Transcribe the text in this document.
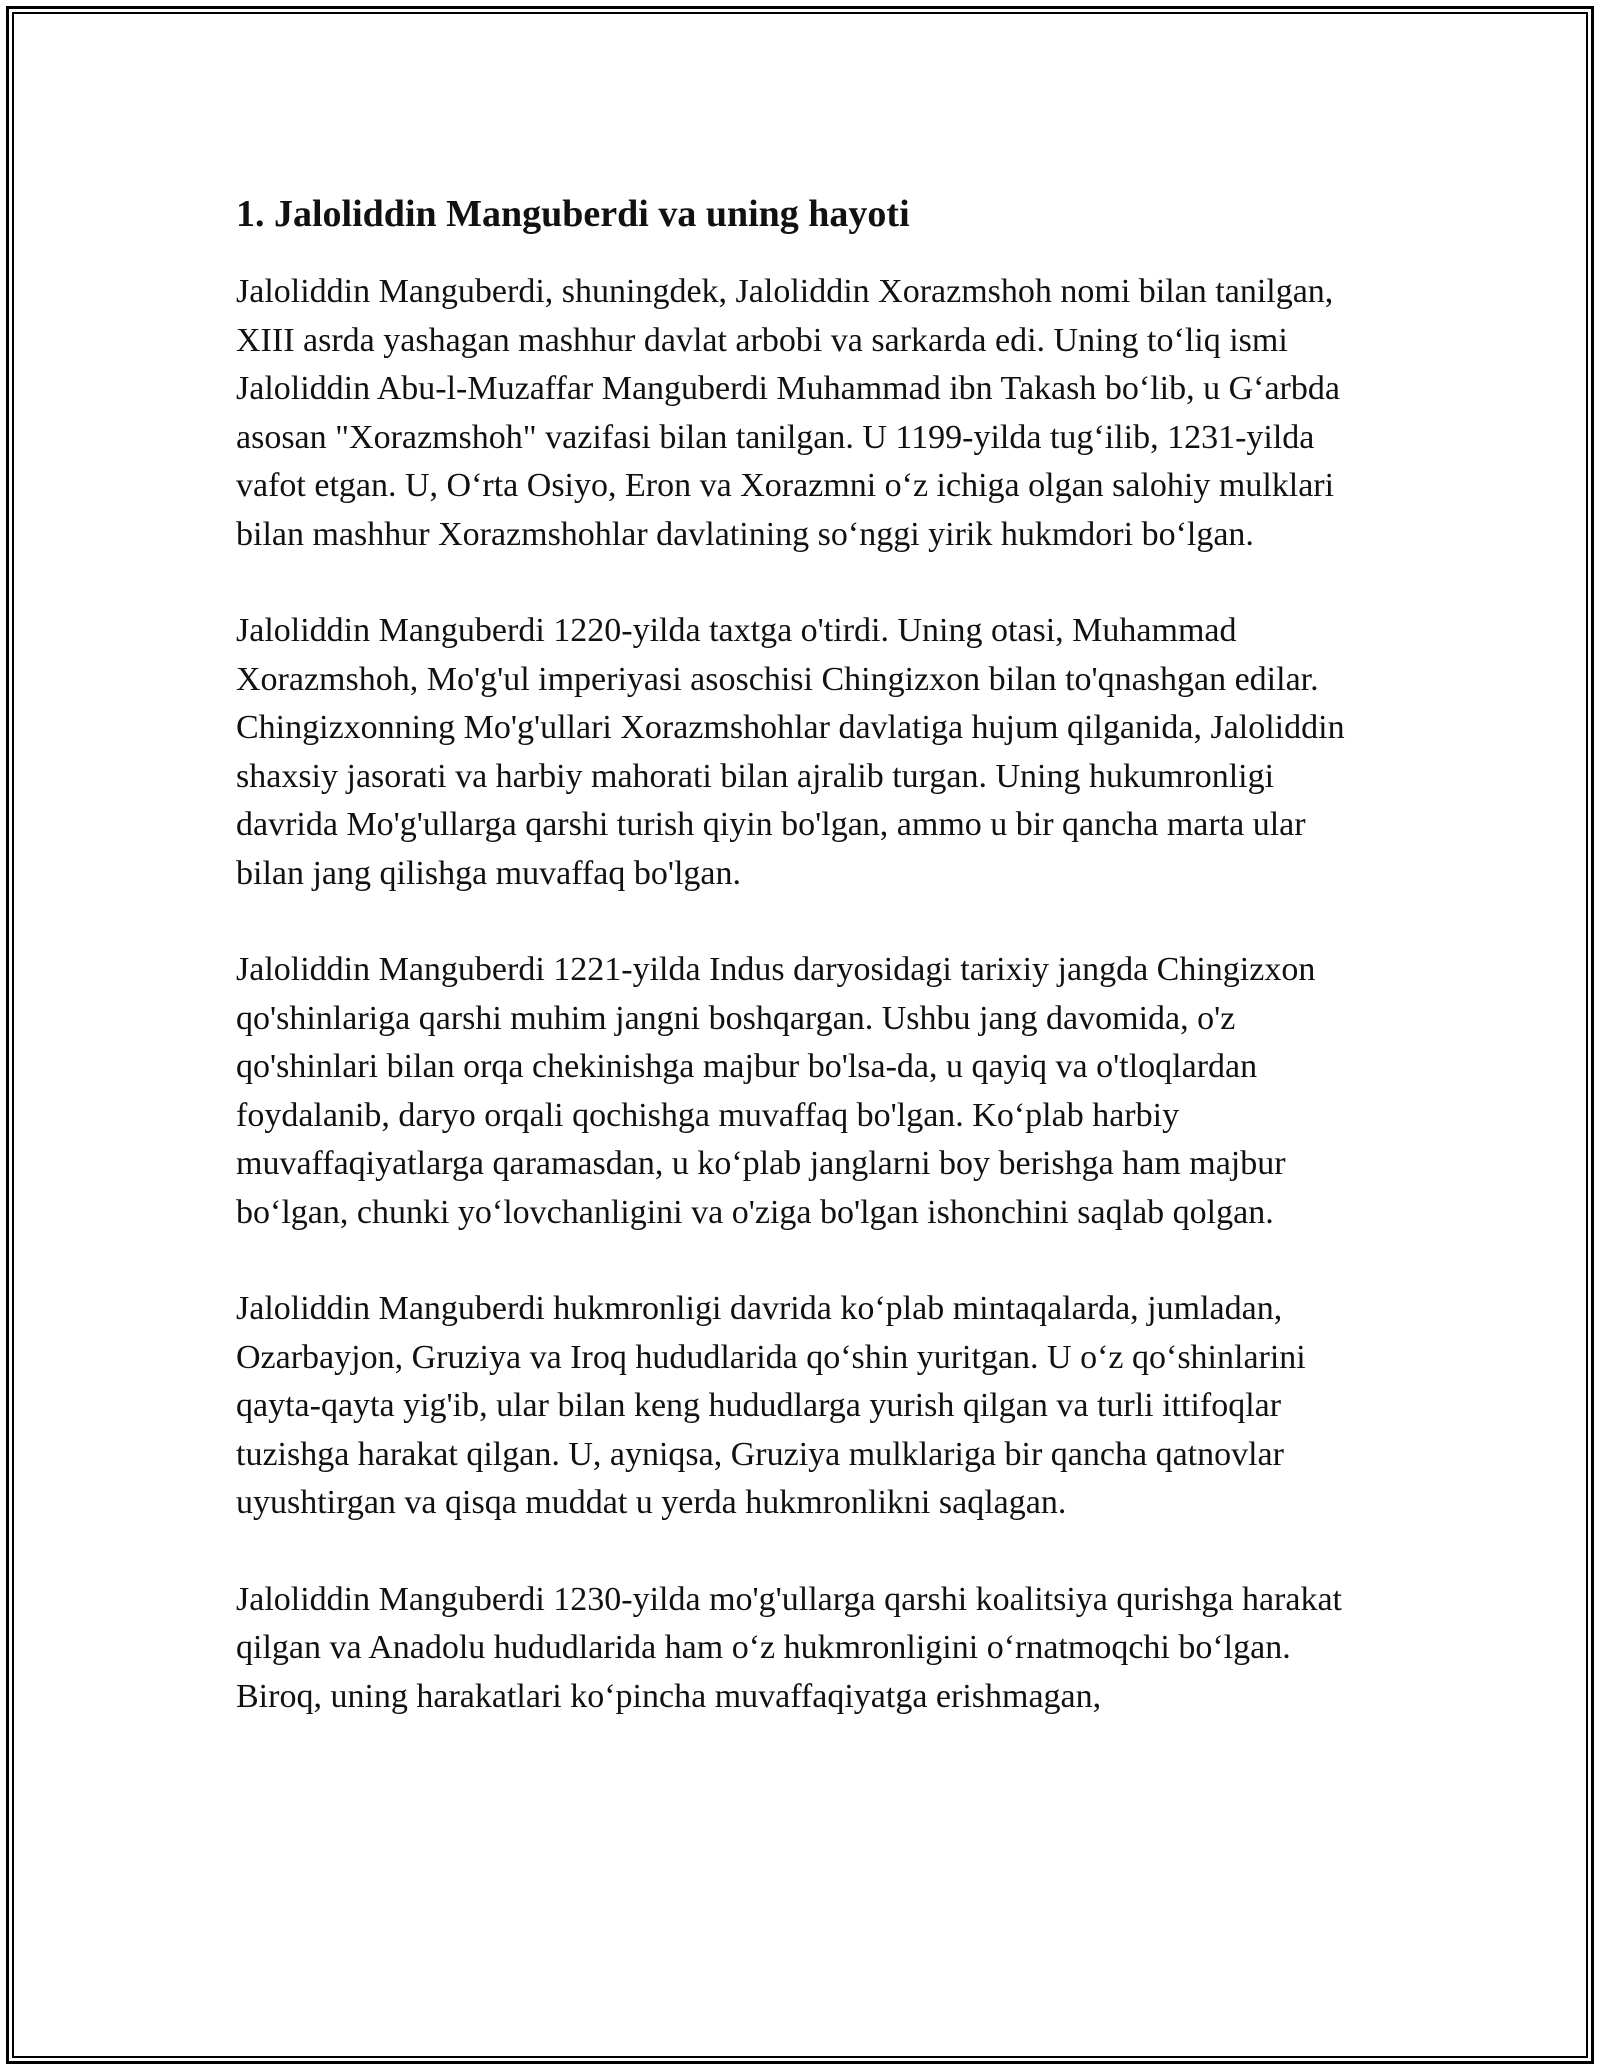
1. Jaloliddin Manguberdi va uning hayoti

Jaloliddin Manguberdi, shuningdek, Jaloliddin Xorazmshoh nomi bilan tanilgan, XIII asrda yashagan mashhur davlat arbobi va sarkarda edi. Uning to‘liq ismi Jaloliddin Abu-l-Muzaffar Manguberdi Muhammad ibn Takash bo‘lib, u G‘arbda asosan "Xorazmshoh" vazifasi bilan tanilgan. U 1199-yilda tug‘ilib, 1231-yilda vafot etgan. U, O‘rta Osiyo, Eron va Xorazmni o‘z ichiga olgan salohiy mulklari bilan mashhur Xorazmshohlar davlatining so‘nggi yirik hukmdori bo‘lgan.

Jaloliddin Manguberdi 1220-yilda taxtga o'tirdi. Uning otasi, Muhammad Xorazmshoh, Mo'g'ul imperiyasi asoschisi Chingizxon bilan to'qnashgan edilar. Chingizxonning Mo'g'ullari Xorazmshohlar davlatiga hujum qilganida, Jaloliddin shaxsiy jasorati va harbiy mahorati bilan ajralib turgan. Uning hukumronligi davrida Mo'g'ullarga qarshi turish qiyin bo'lgan, ammo u bir qancha marta ular bilan jang qilishga muvaffaq bo'lgan.

Jaloliddin Manguberdi 1221-yilda Indus daryosidagi tarixiy jangda Chingizxon qo'shinlariga qarshi muhim jangni boshqargan. Ushbu jang davomida, o'z qo'shinlari bilan orqa chekinishga majbur bo'lsa-da, u qayiq va o'tloqlardan foydalanib, daryo orqali qochishga muvaffaq bo'lgan. Ko‘plab harbiy muvaffaqiyatlarga qaramasdan, u ko‘plab janglarni boy berishga ham majbur bo‘lgan, chunki yo‘lovchanligini va o'ziga bo'lgan ishonchini saqlab qolgan.

Jaloliddin Manguberdi hukmronligi davrida ko‘plab mintaqalarda, jumladan, Ozarbayjon, Gruziya va Iroq hududlarida qo‘shin yuritgan. U o‘z qo‘shinlarini qayta-qayta yig'ib, ular bilan keng hududlarga yurish qilgan va turli ittifoqlar tuzishga harakat qilgan. U, ayniqsa, Gruziya mulklariga bir qancha qatnovlar uyushtirgan va qisqa muddat u yerda hukmronlikni saqlagan.

Jaloliddin Manguberdi 1230-yilda mo'g'ullarga qarshi koalitsiya qurishga harakat qilgan va Anadolu hududlarida ham o‘z hukmronligini o‘rnatmoqchi bo‘lgan. Biroq, uning harakatlari ko‘pincha muvaffaqiyatga erishmagan,
